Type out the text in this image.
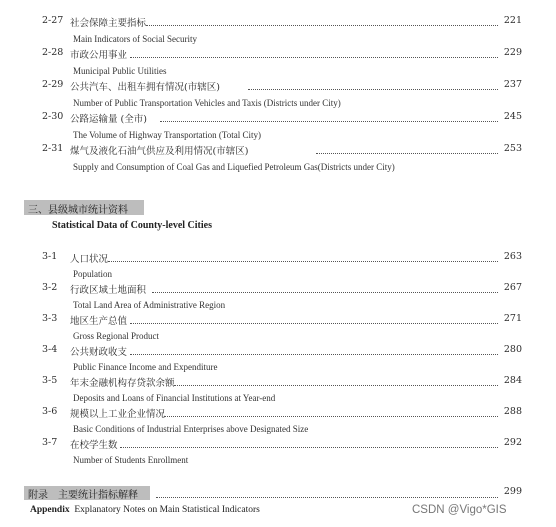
2-27 社会保障主要指标	221
Main Indicators of Social Security
2-28 市政公用事业	229
Municipal Public Utilities
2-29 公共汽车、出租车拥有情况(市辖区)	237
Number of Public Transportation Vehicles and Taxis (Districts under City)
2-30 公路运输量 (全市)	245
The Volume of Highway Transportation (Total City)
2-31 煤气及液化石油气供应及利用情况(市辖区)	253
Supply and Consumption of Coal Gas and Liquefied Petroleum Gas(Districts under City)
三、县级城市统计资料
Statistical Data of County-level Cities
3-1 人口状况	263
Population
3-2 行政区域土地面积	267
Total Land Area of Administrative Region
3-3 地区生产总值	271
Gross Regional Product
3-4 公共财政收支	280
Public Finance Income and Expenditure
3-5 年末金融机构存贷款余额	284
Deposits and Loans of Financial Institutions at Year-end
3-6 规模以上工业企业情况	288
Basic Conditions of Industrial Enterprises above Designated Size
3-7 在校学生数	292
Number of Students Enrollment
附录　主要统计指标解释	299
Appendix Explanatory Notes on Main Statistical Indicators	CSDN @Vigo*GIS
